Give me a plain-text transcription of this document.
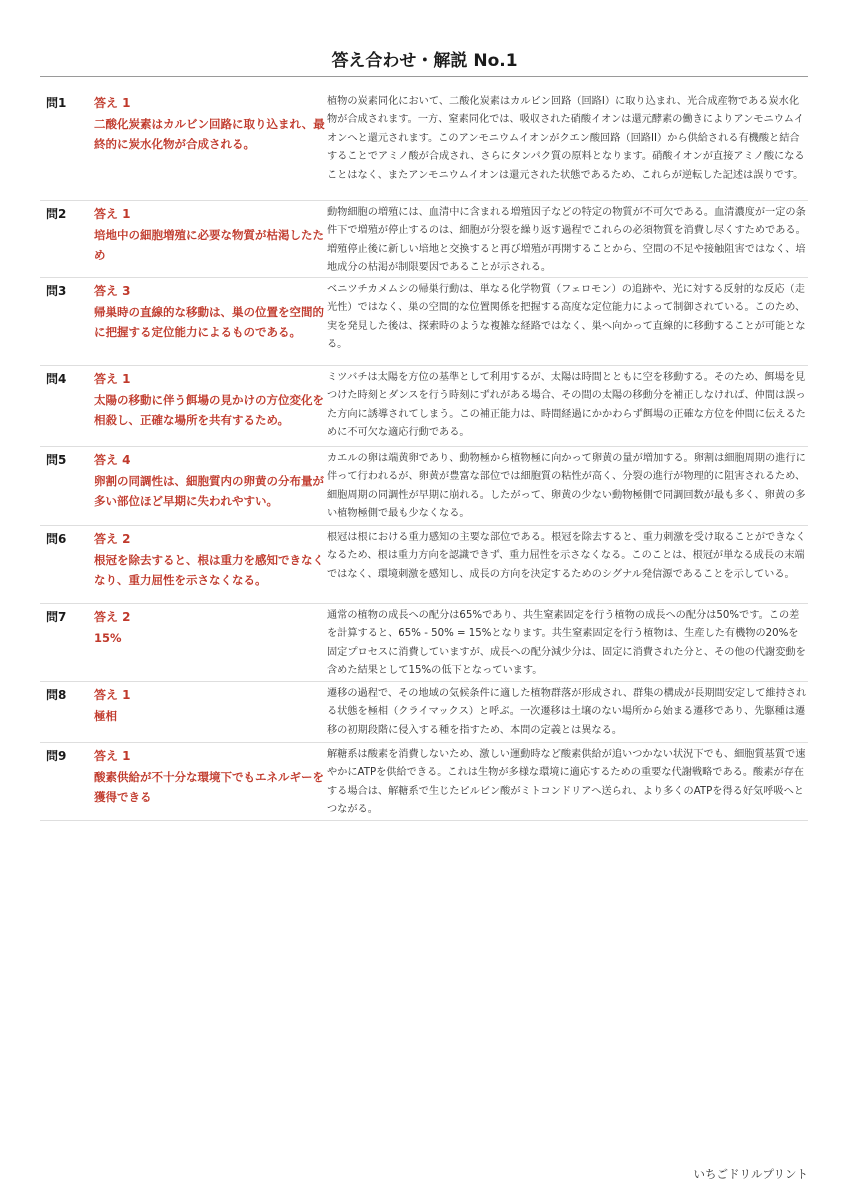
答え合わせ・解説 No.1
問1	答え 1
二酸化炭素はカルビン回路に取り込まれ、最終的に炭水化物が合成される。
植物の炭素同化において、二酸化炭素はカルビン回路（回路I）に取り込まれ、光合成産物である炭水化物が合成されます。一方、窒素同化では、吸収された硝酸イオンは還元酵素の働きによりアンモニウムイオンへと還元されます。このアンモニウムイオンがクエン酸回路（回路II）から供給される有機酸と結合することでアミノ酸が合成され、さらにタンパク質の原料となります。硝酸イオンが直接アミノ酸になることはなく、またアンモニウムイオンは還元された状態であるため、これらが逆転した記述は誤りです。
問2	答え 1
培地中の細胞増殖に必要な物質が枯渇したため
動物細胞の増殖には、血清中に含まれる増殖因子などの特定の物質が不可欠である。血清濃度が一定の条件下で増殖が停止するのは、細胞が分裂を繰り返す過程でこれらの必須物質を消費し尽くすためである。増殖停止後に新しい培地と交換すると再び増殖が再開することから、空間の不足や接触阻害ではなく、培地成分の枯渇が制限要因であることが示される。
問3	答え 3
帰巣時の直線的な移動は、巣の位置を空間的に把握する定位能力によるものである。
ベニツチカメムシの帰巣行動は、単なる化学物質（フェロモン）の追跡や、光に対する反射的な反応（走光性）ではなく、巣の空間的な位置関係を把握する高度な定位能力によって制御されている。このため、実を発見した後は、探索時のような複雑な経路ではなく、巣へ向かって直線的に移動することが可能となる。
問4	答え 1
太陽の移動に伴う餌場の見かけの方位変化を相殺し、正確な場所を共有するため。
ミツバチは太陽を方位の基準として利用するが、太陽は時間とともに空を移動する。そのため、餌場を見つけた時刻とダンスを行う時刻にずれがある場合、その間の太陽の移動分を補正しなければ、仲間は誤った方向に誘導されてしまう。この補正能力は、時間経過にかかわらず餌場の正確な方位を仲間に伝えるために不可欠な適応行動である。
問5	答え 4
卵割の同調性は、細胞質内の卵黄の分布量が多い部位ほど早期に失われやすい。
カエルの卵は端黄卵であり、動物極から植物極に向かって卵黄の量が増加する。卵割は細胞周期の進行に伴って行われるが、卵黄が豊富な部位では細胞質の粘性が高く、分裂の進行が物理的に阻害されるため、細胞周期の同調性が早期に崩れる。したがって、卵黄の少ない動物極側で同調回数が最も多く、卵黄の多い植物極側で最も少なくなる。
問6	答え 2
根冠を除去すると、根は重力を感知できなくなり、重力屈性を示さなくなる。
根冠は根における重力感知の主要な部位である。根冠を除去すると、重力刺激を受け取ることができなくなるため、根は重力方向を認識できず、重力屈性を示さなくなる。このことは、根冠が単なる成長の末端ではなく、環境刺激を感知し、成長の方向を決定するためのシグナル発信源であることを示している。
問7	答え 2
15%
通常の植物の成長への配分は65%であり、共生窒素固定を行う植物の成長への配分は50%です。この差を計算すると、65% - 50% = 15%となります。共生窒素固定を行う植物は、生産した有機物の20%を固定プロセスに消費していますが、成長への配分減少分は、固定に消費された分と、その他の代謝変動を含めた結果として15%の低下となっています。
問8	答え 1
極相
遷移の過程で、その地域の気候条件に適した植物群落が形成され、群集の構成が長期間安定して維持される状態を極相（クライマックス）と呼ぶ。一次遷移は土壌のない場所から始まる遷移であり、先駆種は遷移の初期段階に侵入する種を指すため、本問の定義とは異なる。
問9	答え 1
酸素供給が不十分な環境下でもエネルギーを獲得できる
解糖系は酸素を消費しないため、激しい運動時など酸素供給が追いつかない状況下でも、細胞質基質で速やかにATPを供給できる。これは生物が多様な環境に適応するための重要な代謝戦略である。酸素が存在する場合は、解糖系で生じたピルビン酸がミトコンドリアへ送られ、より多くのATPを得る好気呼吸へとつながる。
いちごドリルプリント
